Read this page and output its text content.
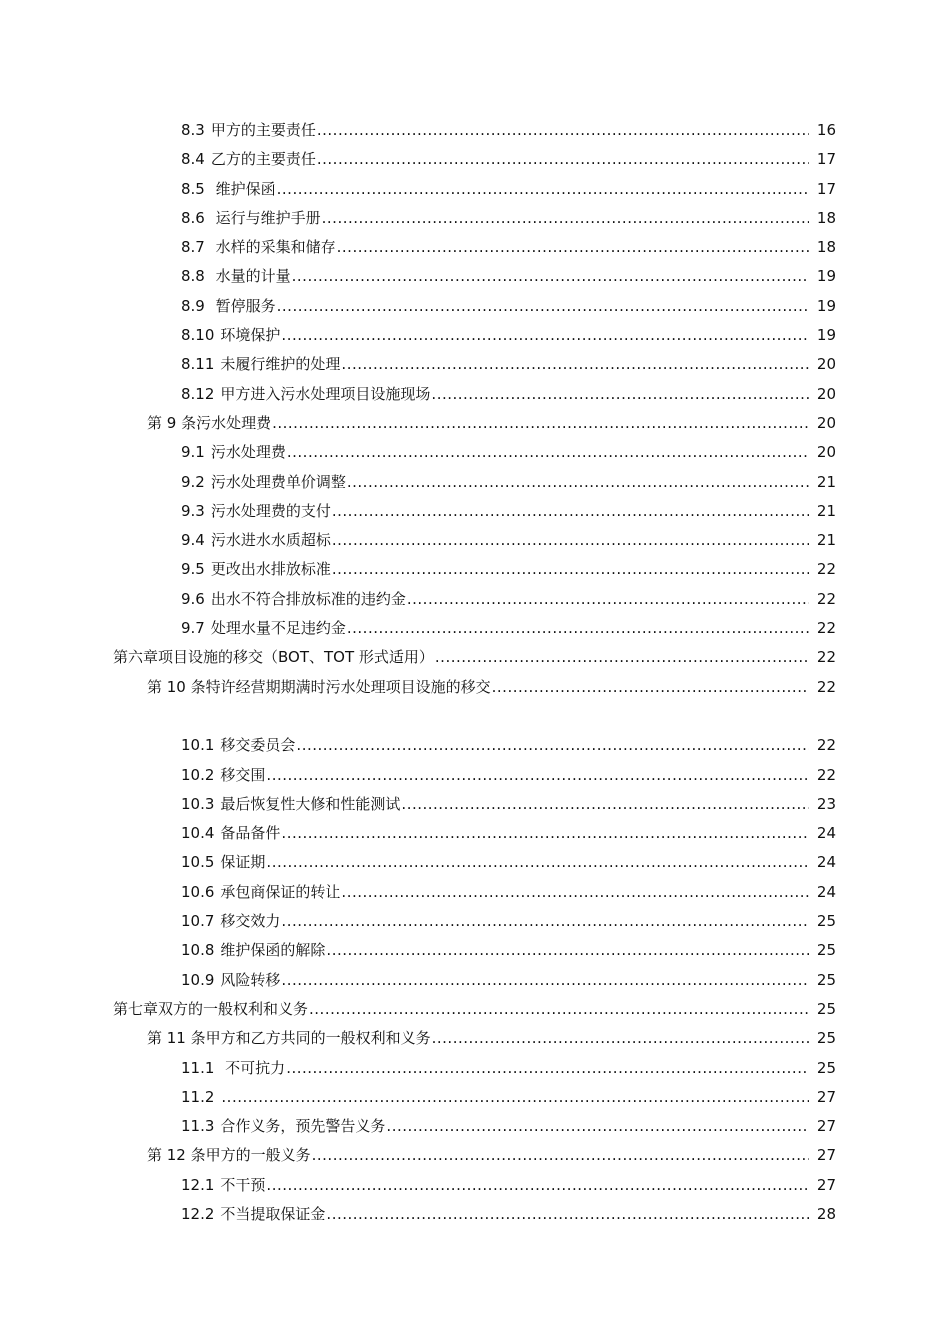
8.3 甲方的主要责任 .....	16
8.4 乙方的主要责任 .....	17
8.5 维护保函 .....	17
8.6 运行与维护手册 .....	18
8.7 水样的采集和储存 .....	18
8.8 水量的计量 .....	19
8.9 暂停服务 .....	19
8.10 环境保护 .....	19
8.11 未履行维护的处理 .....	20
8.12 甲方进入污水处理项目设施现场 .....	20
第 9 条污水处理费 .....	20
9.1 污水处理费 .....	20
9.2 污水处理费单价调整 .....	21
9.3 污水处理费的支付 .....	21
9.4 污水进水水质超标 .....	21
9.5 更改出水排放标准 .....	22
9.6 出水不符合排放标准的违约金 .....	22
9.7 处理水量不足违约金 .....	22
第六章项目设施的移交（BOT、TOT 形式适用） .....	22
第 10 条特许经营期期满时污水处理项目设施的移交 .....	22
10.1 移交委员会 .....	22
10.2 移交围 .....	22
10.3 最后恢复性大修和性能测试 .....	23
10.4 备品备件 .....	24
10.5 保证期 .....	24
10.6 承包商保证的转让 .....	24
10.7 移交效力 .....	25
10.8 维护保函的解除 .....	25
10.9 风险转移 .....	25
第七章双方的一般权利和义务 .....	25
第 11 条甲方和乙方共同的一般权利和义务 .....	25
11.1 不可抗力 .....	25
11.2 .....	27
11.3 合作义务，预先警告义务 .....	27
第 12 条甲方的一般义务 .....	27
12.1 不干预 .....	27
12.2 不当提取保证金 .....	28
